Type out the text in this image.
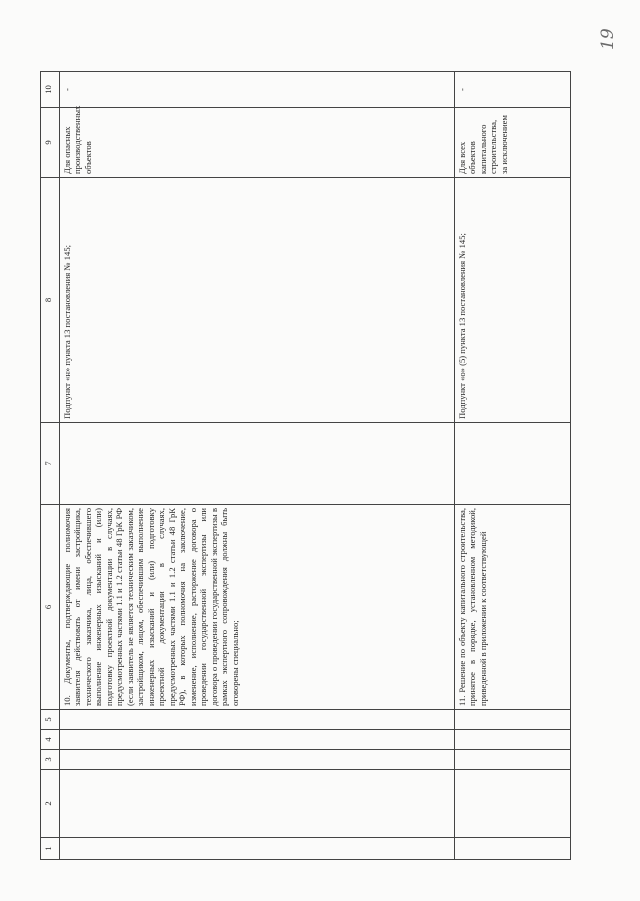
1	2	3	4	5	6	7	8	9	10
					10. Документы, подтверждающие полномочия заявителя действовать от имени застройщика, технического заказчика, лица, обеспечившего выполнение инженерных изысканий и (или) подготовку проектной документации в случаях, предусмотренных частями 1.1 и 1.2 статьи 48 ГрК РФ (если заявитель не является техническим заказчиком, застройщиком, лицом, обеспечившим выполнение инженерных изысканий и (или) подготовку проектной документации в случаях, предусмотренных частями 1.1 и 1.2 статьи 48 ГрК РФ), в которых полномочия на заключение, изменение, исполнение, расторжение договора о проведении государственной экспертизы или договора о проведении государственной экспертизы в рамках экспертного сопровождения должны быть оговорены специально;		Подпункт «н» пункта 13 постановления № 145;	Для опасных производственных объектов	-
					11. Решение по объекту капитального строительства, принятое в порядке, установленном методикой, приведенной в приложении к соответствующей		Подпункт «o» (5) пункта 13 постановления № 145;	Для всех объектов капитального строительства, за исключением	-
19
